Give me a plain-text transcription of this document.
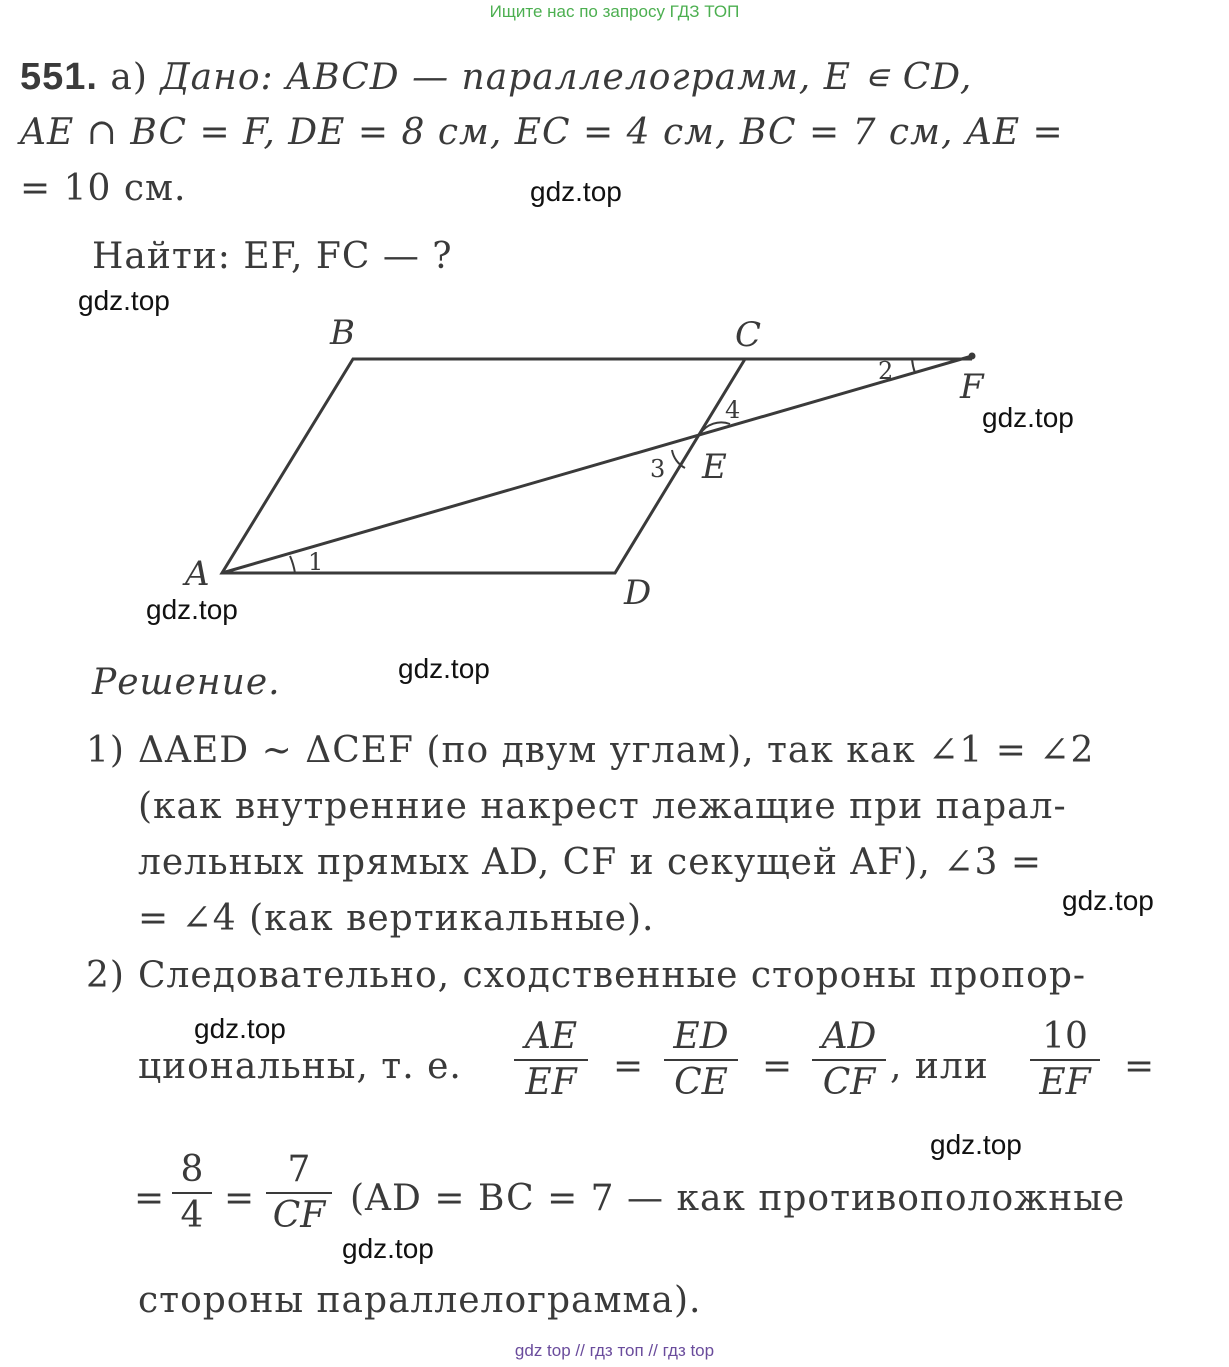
Ищите нас по запросу ГДЗ ТОП
551. а) Дано: ABCD — параллелограмм, E ∊ CD,
AE ∩ BC = F, DE = 8 см, EC = 4 см, BC = 7 см, AE =
= 10 см.
Найти: EF, FC — ?
B	C
F
E
A	D
1
2
3
4
Решение.
1) ΔAED ~ ΔCEF (по двум углам), так как ∠1 = ∠2
(как внутренние накрест лежащие при парал-
лельных прямых AD, CF и секущей AF), ∠3 =
= ∠4 (как вертикальные).
2) Следовательно, сходственные стороны пропор-
циональны, т. е. $\frac{AE}{EF} = \frac{ED}{CE} = \frac{AD}{CF}$ , или $\frac{10}{EF}$ =
= $\frac{8}{4} = \frac{7}{CF} (AD$ = BC = 7 — как противоположные
стороны параллелограмма).
gdz.top
gdz.top
gdz.top
gdz.top
gdz.top
gdz.top
gdz.top
gdz.top
gdz.top
gdz top // гдз топ // гдз top
